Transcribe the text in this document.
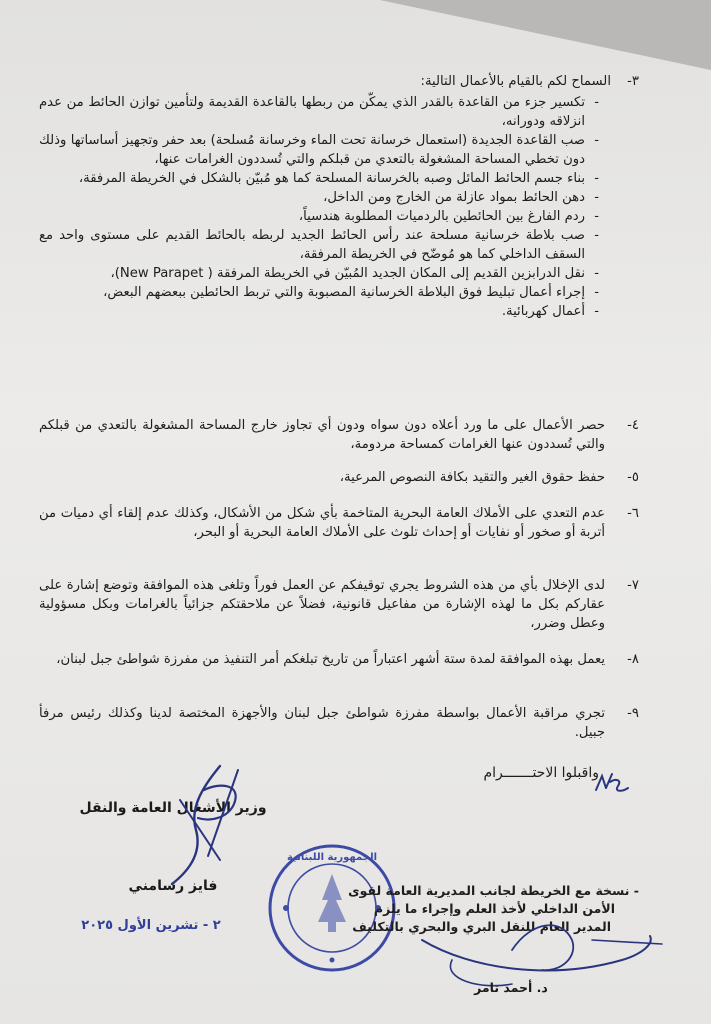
٣-
السماح لكم بالقيام بالأعمال التالية:
- تكسير جزء من القاعدة بالقدر الذي يمكّن من ربطها بالقاعدة القديمة ولتأمين توازن الحائط من عدم انزلاقه ودورانه،
- صب القاعدة الجديدة (استعمال خرسانة تحت الماء وخرسانة مُسلحة) بعد حفر وتجهيز أساساتها وذلك دون تخطي المساحة المشغولة بالتعدي من قبلكم والتي تُسددون الغرامات عنها،
- بناء جسم الحائط المائل وصبه بالخرسانة المسلحة كما هو مُبيّن بالشكل في الخريطة المرفقة،
- دهن الحائط بمواد عازلة من الخارج ومن الداخل،
- ردم الفارغ بين الحائطين بالردميات المطلوبة هندسياً،
- صب بلاطة خرسانية مسلحة عند رأس الحائط الجديد لربطه بالحائط القديم على مستوى واحد مع السقف الداخلي كما هو مُوضّح في الخريطة المرفقة،
- نقل الدرابزين القديم إلى المكان الجديد المُبيّن في الخريطة المرفقة ( New Parapet)،
- إجراء أعمال تبليط فوق البلاطة الخرسانية المصبوبة والتي تربط الحائطين ببعضهم البعض،
- أعمال كهربائية.
٤-
حصر الأعمال على ما ورد أعلاه دون سواه ودون أي تجاوز خارج المساحة المشغولة بالتعدي من قبلكم والتي تُسددون عنها الغرامات كمساحة مردومة،
٥-
حفظ حقوق الغير والتقيد بكافة النصوص المرعية،
٦-
عدم التعدي على الأملاك العامة البحرية المتاخمة بأي شكل من الأشكال، وكذلك عدم إلقاء أي دميات من أتربة أو صخور أو نفايات أو إحداث تلوث على الأملاك العامة البحرية أو البحر،
٧-
لدى الإخلال بأي من هذه الشروط يجري توقيفكم عن العمل فوراً وتلغى هذه الموافقة وتوضع إشارة على عقاركم بكل ما لهذه الإشارة من مفاعيل قانونية، فضلاً عن ملاحقتكم جزائياً بالغرامات وبكل مسؤولية وعطل وضرر،
٨-
يعمل بهذه الموافقة لمدة ستة أشهر اعتباراً من تاريخ تبلغكم أمر التنفيذ من مفرزة شواطئ جبل لبنان،
٩-
تجري مراقبة الأعمال بواسطة مفرزة شواطئ جبل لبنان والأجهزة المختصة لدينا وكذلك رئيس مرفأ جبيل.
واقبلوا الاحتـــــــرام
وزير الأشغال العامة والنقل
فايز رسامني
٢ - تشرين الأول ٢٠٢٥
الجمهورية اللبنانية
- نسخة مع الخريطة لجانب المديرية العامة لقوى
الأمن الداخلي لأخذ العلم وإجراء ما يلزم
المدير العام للنقل البري والبحري بالتكليف
د. أحمد تامر
